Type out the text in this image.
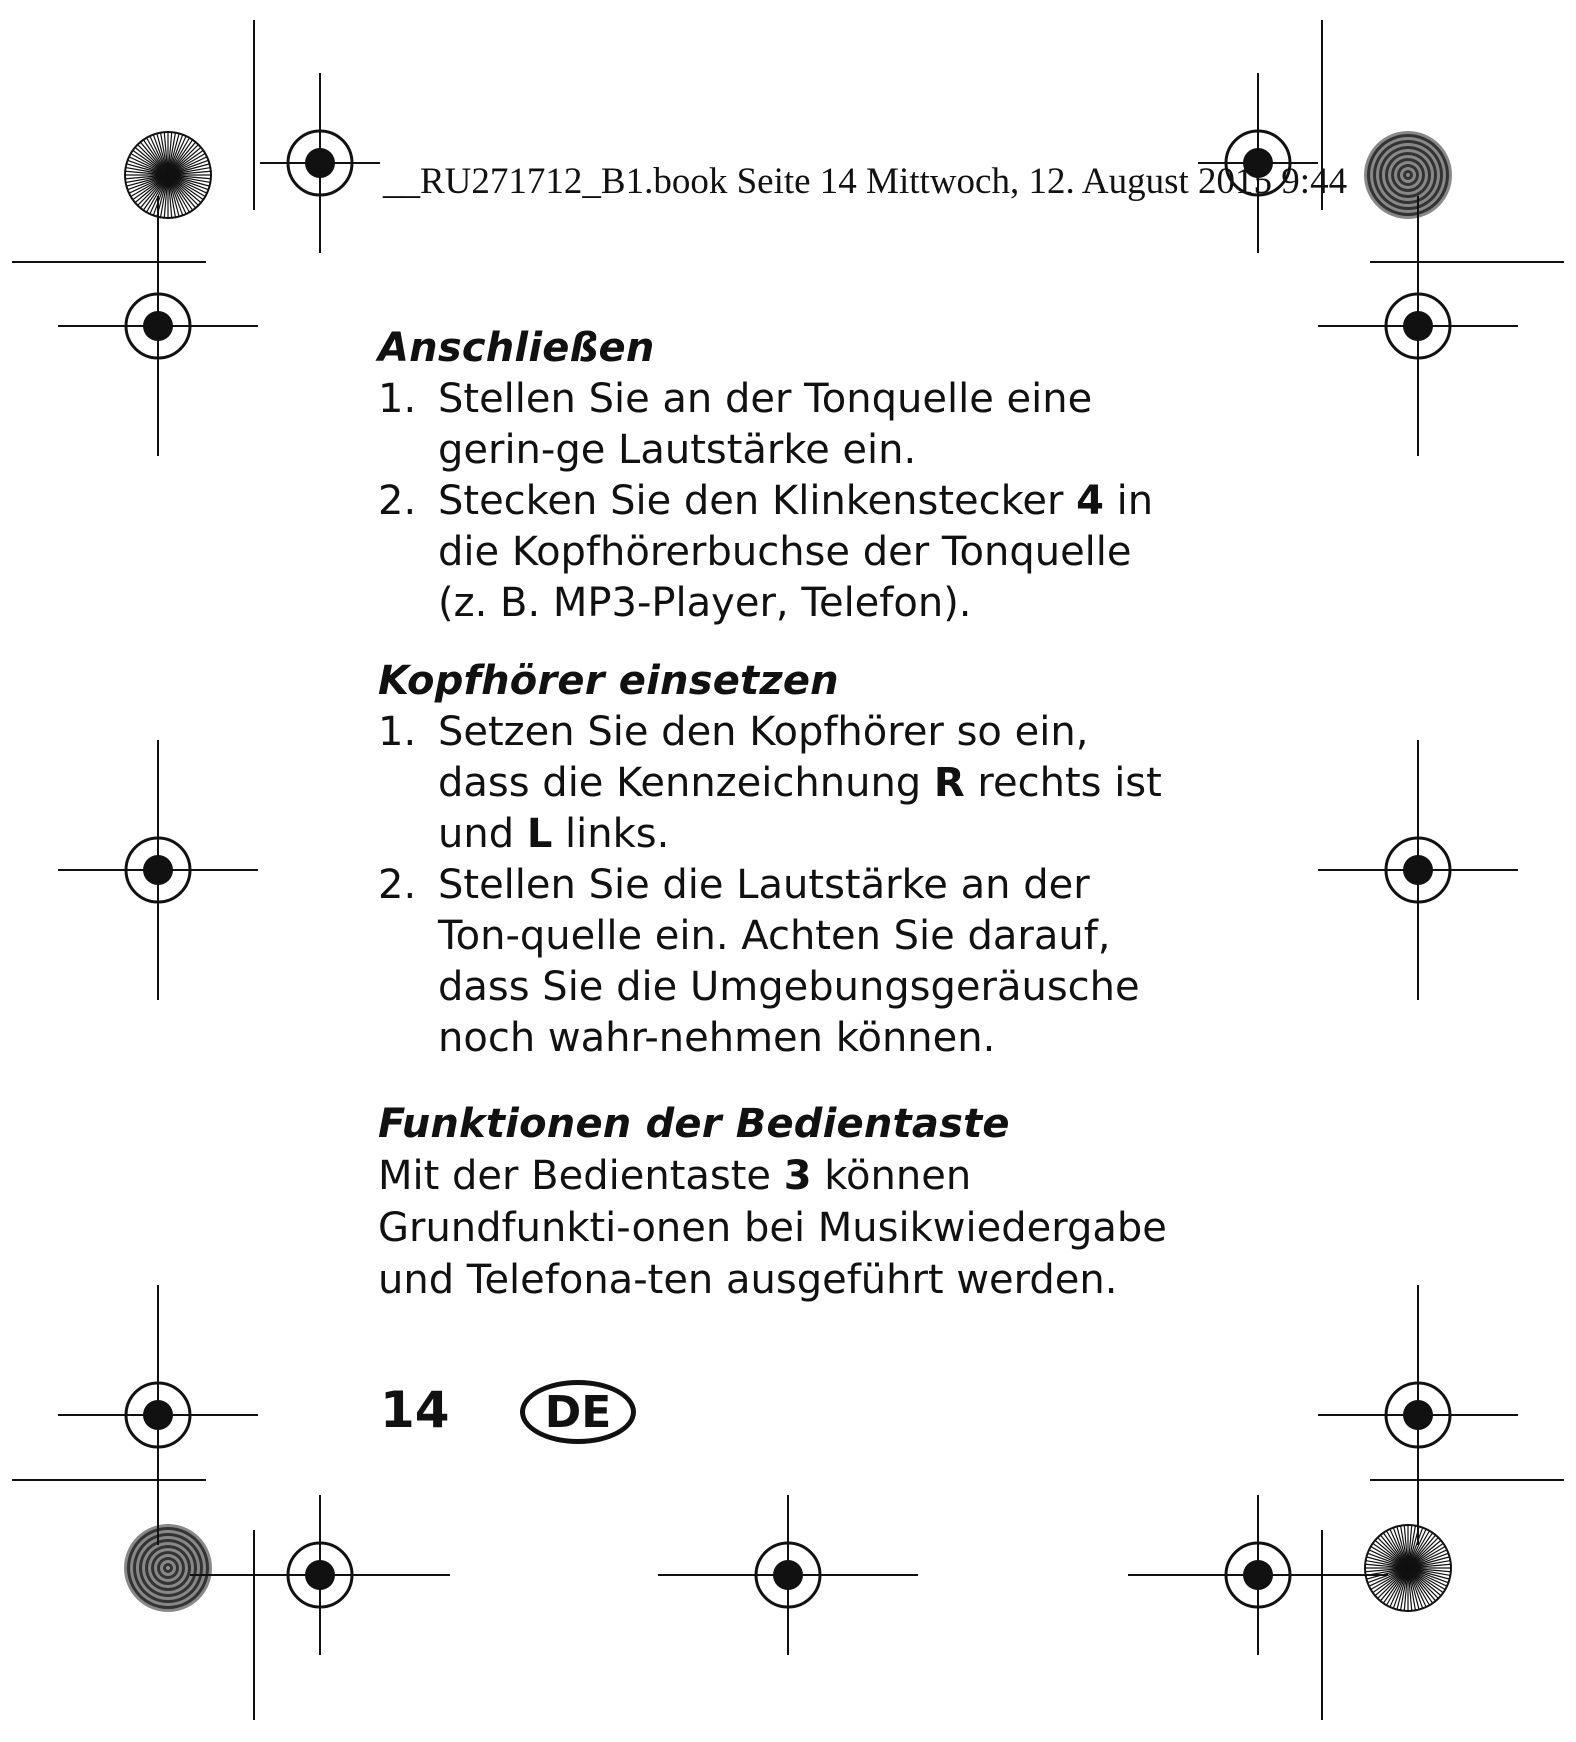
__RU271712_B1.book Seite 14 Mittwoch, 12. August 2015 9:44
Anschließen
1. Stellen Sie an der Tonquelle eine gerin-ge Lautstärke ein.
2. Stecken Sie den Klinkenstecker 4 in die Kopfhörerbuchse der Tonquelle (z. B. MP3-Player, Telefon).
Kopfhörer einsetzen
1. Setzen Sie den Kopfhörer so ein, dass die Kennzeichnung R rechts ist und L links.
2. Stellen Sie die Lautstärke an der Ton-quelle ein. Achten Sie darauf, dass Sie die Umgebungsgeräusche noch wahr-nehmen können.
Funktionen der Bedientaste

Mit der Bedientaste 3 können Grundfunkti-onen bei Musikwiedergabe und Telefona-ten ausgeführt werden.

14 DE
